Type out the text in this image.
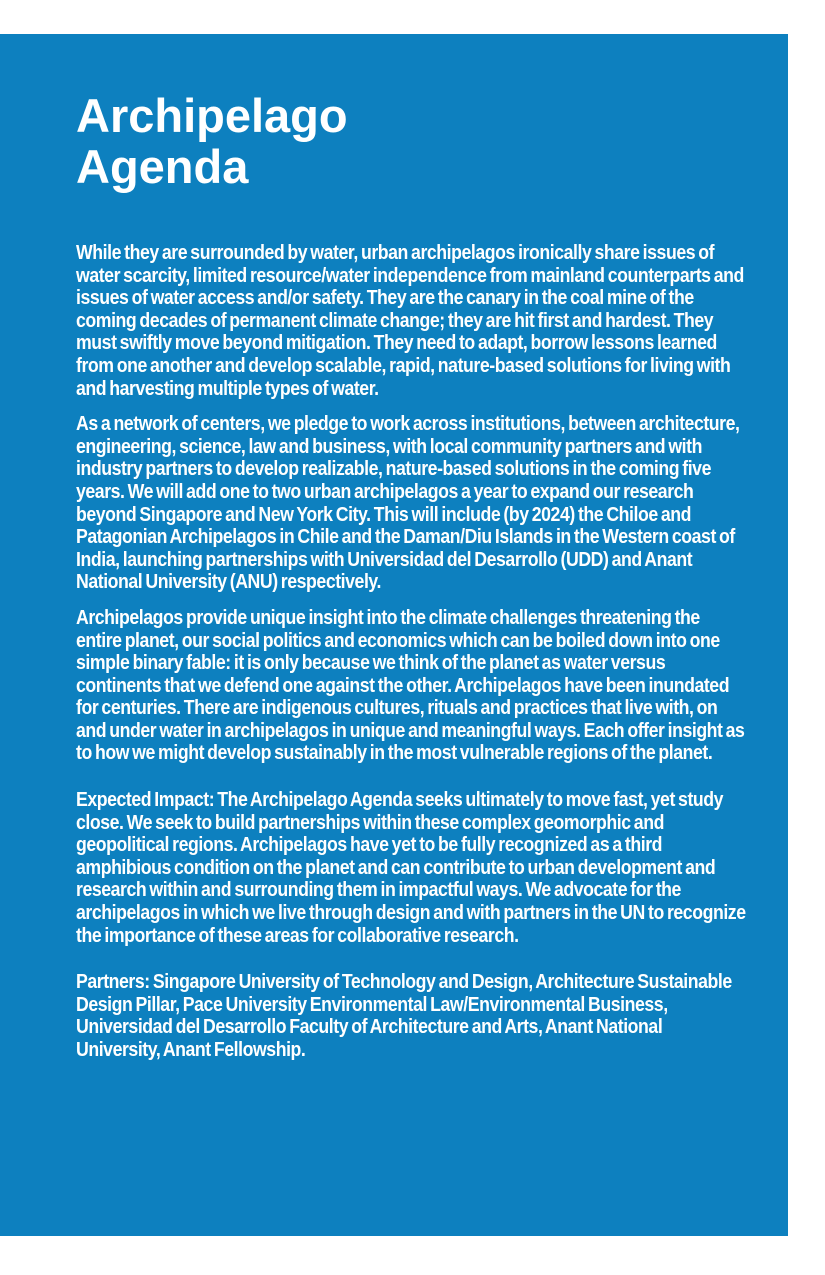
Archipelago Agenda

While they are surrounded by water, urban archipelagos ironically share issues of water scarcity, limited resource/water independence from mainland counterparts and issues of water access and/or safety. They are the canary in the coal mine of the coming decades of permanent climate change; they are hit first and hardest. They must swiftly move beyond mitigation. They need to adapt, borrow lessons learned from one another and develop scalable, rapid, nature-based solutions for living with and harvesting multiple types of water.

As a network of centers, we pledge to work across institutions, between architecture, engineering, science, law and business, with local community partners and with industry partners to develop realizable, nature-based solutions in the coming five years. We will add one to two urban archipelagos a year to expand our research beyond Singapore and New York City. This will include (by 2024) the Chiloe and Patagonian Archipelagos in Chile and the Daman/Diu Islands in the Western coast of India, launching partnerships with Universidad del Desarrollo (UDD) and Anant National University (ANU) respectively.

Archipelagos provide unique insight into the climate challenges threatening the entire planet, our social politics and economics which can be boiled down into one simple binary fable: it is only because we think of the planet as water versus continents that we defend one against the other. Archipelagos have been inundated for centuries. There are indigenous cultures, rituals and practices that live with, on and under water in archipelagos in unique and meaningful ways. Each offer insight as to how we might develop sustainably in the most vulnerable regions of the planet.

Expected Impact: The Archipelago Agenda seeks ultimately to move fast, yet study close. We seek to build partnerships within these complex geomorphic and geopolitical regions. Archipelagos have yet to be fully recognized as a third amphibious condition on the planet and can contribute to urban development and research within and surrounding them in impactful ways. We advocate for the archipelagos in which we live through design and with partners in the UN to recognize the importance of these areas for collaborative research.

Partners: Singapore University of Technology and Design, Architecture Sustainable Design Pillar, Pace University Environmental Law/Environmental Business, Universidad del Desarrollo Faculty of Architecture and Arts, Anant National University, Anant Fellowship.
